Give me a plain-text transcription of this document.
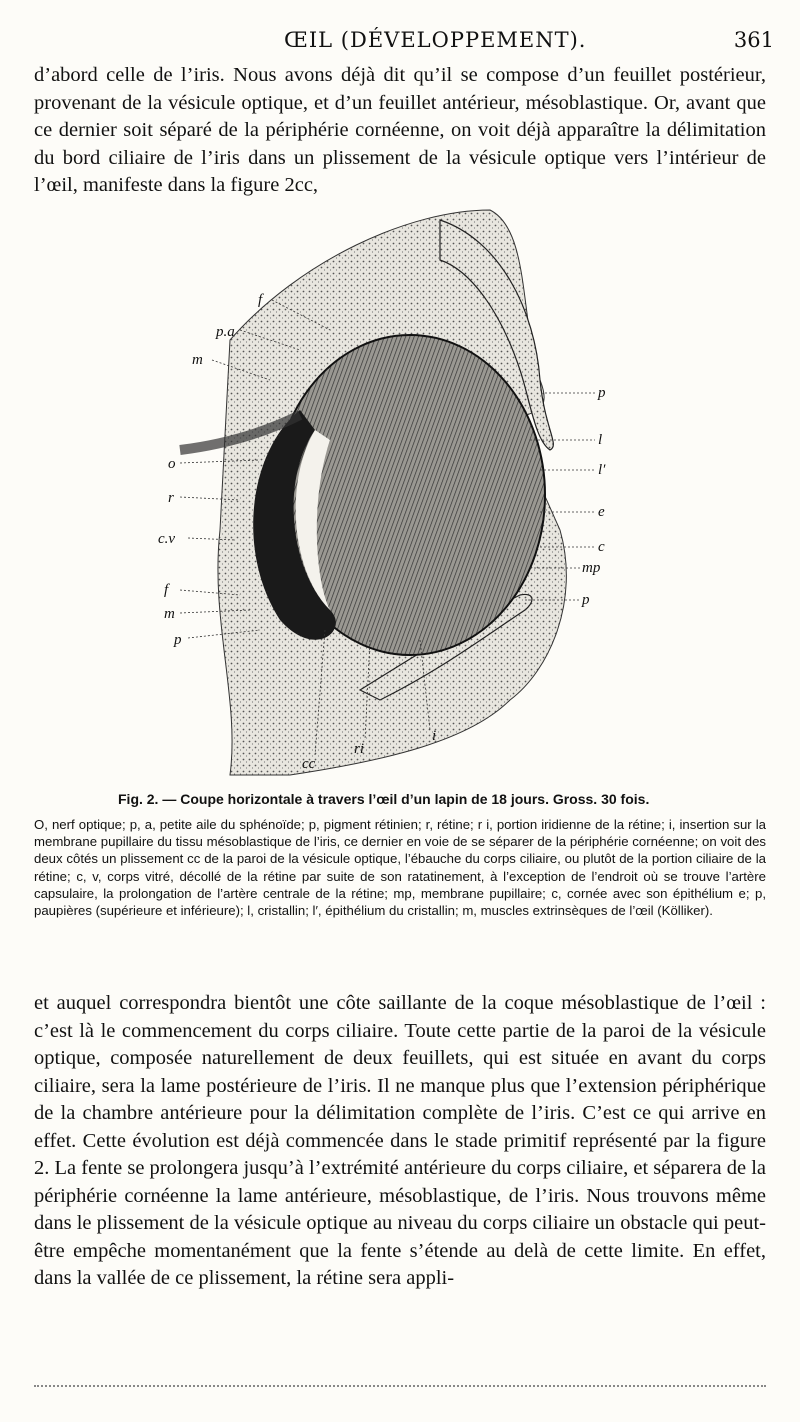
ŒIL (DÉVELOPPEMENT).	361
d’abord celle de l’iris. Nous avons déjà dit qu’il se compose d’un feuillet postérieur, provenant de la vésicule optique, et d’un feuillet antérieur, mésoblastique. Or, avant que ce dernier soit séparé de la périphérie cornéenne, on voit déjà apparaître la délimitation du bord ciliaire de l’iris dans un plissement de la vésicule optique vers l’intérieur de l’œil, manifeste dans la figure 2cc,
f
p.a
m
o
r
c.v
f
m
p
p
l
l′
e
c
mp
p
i
ri
cc
Fig. 2. — Coupe horizontale à travers l’œil d’un lapin de 18 jours. Gross. 30 fois.
O, nerf optique; p, a, petite aile du sphénoïde; p, pigment rétinien; r, rétine; r i, portion iridienne de la rétine; i, insertion sur la membrane pupillaire du tissu mésoblastique de l’iris, ce dernier en voie de se séparer de la périphérie cornéenne; on voit des deux côtés un plissement cc de la paroi de la vésicule optique, l’ébauche du corps ciliaire, ou plutôt de la portion ciliaire de la rétine; c, v, corps vitré, décollé de la rétine par suite de son ratatinement, à l’exception de l’endroit où se trouve l’artère capsulaire, la prolongation de l’artère centrale de la rétine; mp, membrane pupillaire; c, cornée avec son épithélium e; p, paupières (supérieure et inférieure); l, cristallin; l′, épithélium du cristallin; m, muscles extrinsèques de l’œil (Kölliker).
et auquel correspondra bientôt une côte saillante de la coque mésoblastique de l’œil : c’est là le commencement du corps ciliaire. Toute cette partie de la paroi de la vésicule optique, composée naturellement de deux feuillets, qui est située en avant du corps ciliaire, sera la lame postérieure de l’iris. Il ne manque plus que l’extension périphérique de la chambre antérieure pour la délimitation complète de l’iris. C’est ce qui arrive en effet. Cette évolution est déjà commencée dans le stade primitif représenté par la figure 2. La fente se prolongera jusqu’à l’extrémité antérieure du corps ciliaire, et séparera de la périphérie cornéenne la lame antérieure, mésoblastique, de l’iris. Nous trouvons même dans le plissement de la vésicule optique au niveau du corps ciliaire un obstacle qui peut-être empêche momentanément que la fente s’étende au delà de cette limite. En effet, dans la vallée de ce plissement, la rétine sera appli-
